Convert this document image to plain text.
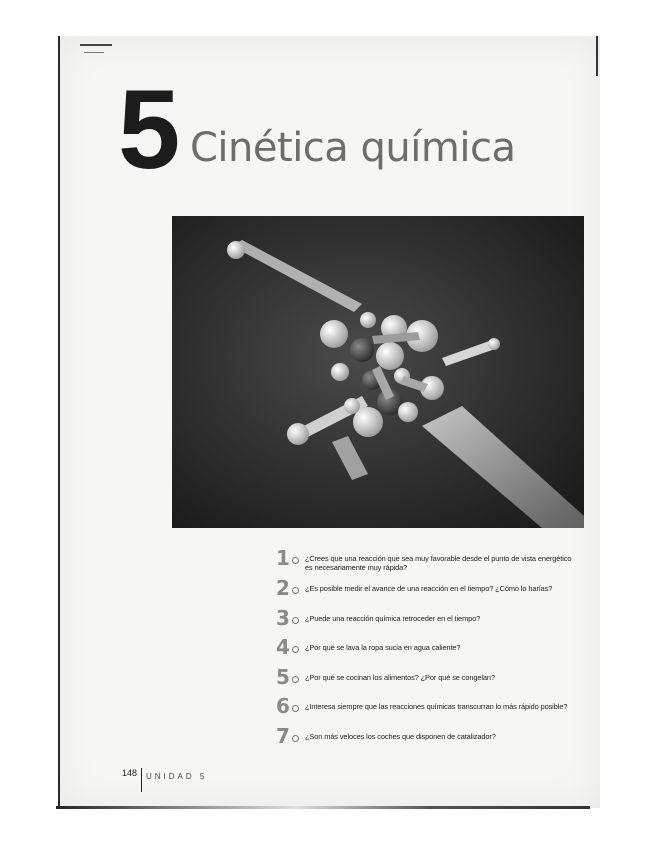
5 Cinética química
1 ¿Crees que una reacción que sea muy favorable desde el punto de vista energético es necesariamente muy rápida?
2 ¿Es posible medir el avance de una reacción en el tiempo? ¿Cómo lo harías?
3 ¿Puede una reacción química retroceder en el tiempo?
4 ¿Por qué se lava la ropa sucia en agua caliente?
5 ¿Por qué se cocinan los alimentos? ¿Por qué se congelan?
6 ¿Interesa siempre que las reacciones químicas transcurran lo más rápido posible?
7 ¿Son más veloces los coches que disponen de catalizador?
148	UNIDAD 5
